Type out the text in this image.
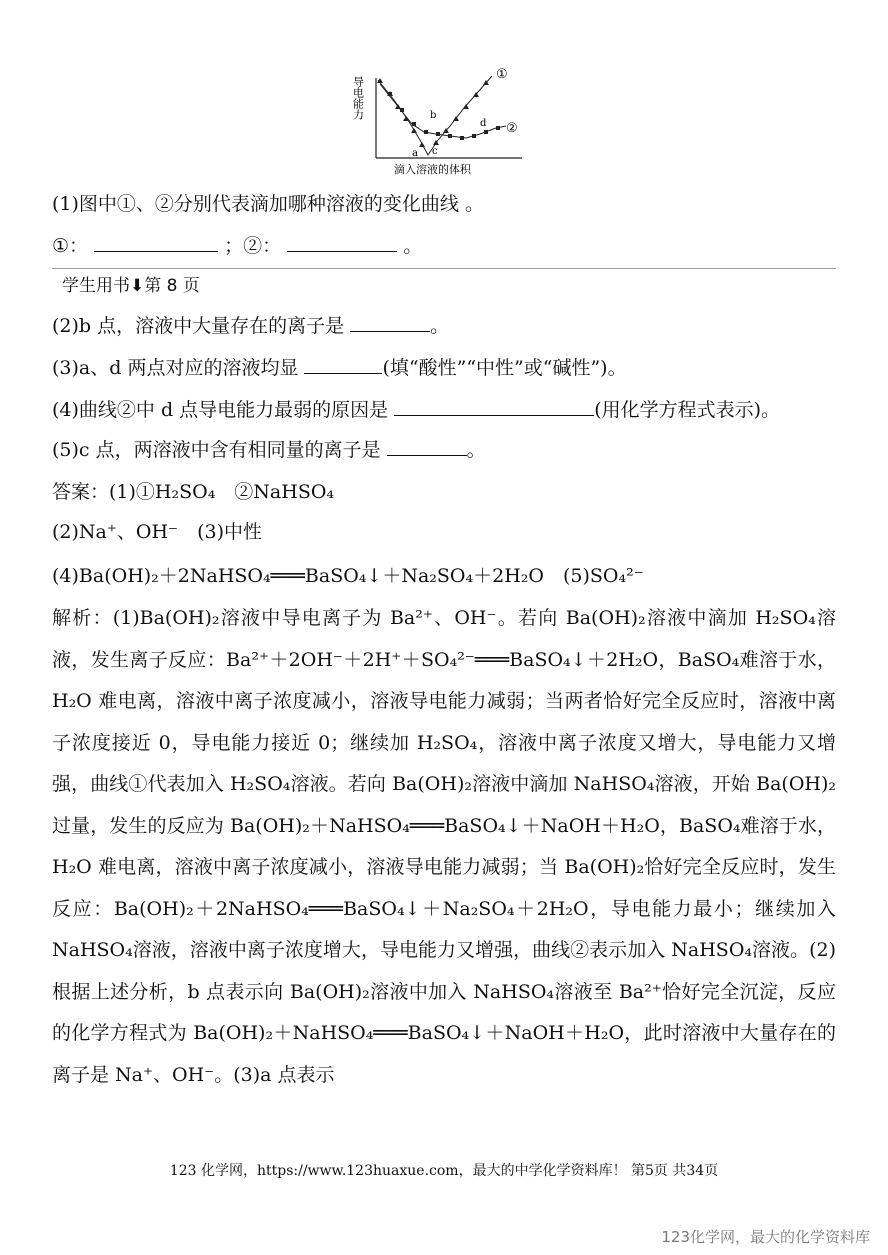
导电能力
滴入溶液的体积
①
②
a
b
c
d
(1)图中①、②分别代表滴加哪种溶液的变化曲线 。
①：	；②：	。
学生用书⬇第 8 页
(2)b 点，溶液中大量存在的离子是	。
(3)a、d 两点对应的溶液均显	(填“酸性”“中性”或“碱性”)。
(4)曲线②中 d 点导电能力最弱的原因是	(用化学方程式表示)。
(5)c 点，两溶液中含有相同量的离子是	。
答案：(1)①H₂SO₄　②NaHSO₄
(2)Na⁺、OH⁻　(3)中性
(4)Ba(OH)₂＋2NaHSO₄═══BaSO₄↓＋Na₂SO₄＋2H₂O　(5)SO₄²⁻
解析：(1)Ba(OH)₂溶液中导电离子为 Ba²⁺、OH⁻。若向 Ba(OH)₂溶液中滴加 H₂SO₄溶液，发生离子反应：Ba²⁺＋2OH⁻＋2H⁺＋SO₄²⁻═══BaSO₄↓＋2H₂O，BaSO₄难溶于水，H₂O 难电离，溶液中离子浓度减小，溶液导电能力减弱；当两者恰好完全反应时，溶液中离子浓度接近 0，导电能力接近 0；继续加 H₂SO₄，溶液中离子浓度又增大，导电能力又增强，曲线①代表加入 H₂SO₄溶液。若向 Ba(OH)₂溶液中滴加 NaHSO₄溶液，开始 Ba(OH)₂过量，发生的反应为 Ba(OH)₂＋NaHSO₄═══BaSO₄↓＋NaOH＋H₂O，BaSO₄难溶于水，H₂O 难电离，溶液中离子浓度减小，溶液导电能力减弱；当 Ba(OH)₂恰好完全反应时，发生反应：Ba(OH)₂＋2NaHSO₄═══BaSO₄↓＋Na₂SO₄＋2H₂O，导电能力最小；继续加入 NaHSO₄溶液，溶液中离子浓度增大，导电能力又增强，曲线②表示加入 NaHSO₄溶液。(2)根据上述分析，b 点表示向 Ba(OH)₂溶液中加入 NaHSO₄溶液至 Ba²⁺恰好完全沉淀，反应的化学方程式为 Ba(OH)₂＋NaHSO₄═══BaSO₄↓＋NaOH＋H₂O，此时溶液中大量存在的离子是 Na⁺、OH⁻。(3)a 点表示
123 化学网，https://www.123huaxue.com，最大的中学化学资料库！ 第5页 共34页
123化学网，最大的化学资料库
